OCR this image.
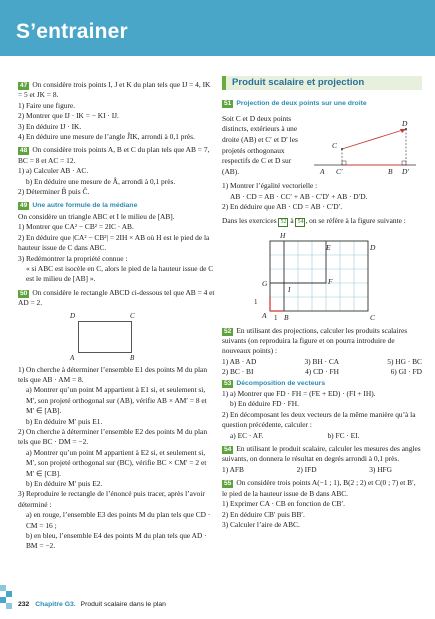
S’entrainer

47 On considère trois points I, J et K du plan tels que IJ = 4, IK = 5 et JK = 8.

1) Faire une figure.

2) Montrer que IJ · IK = − KI · IJ.

3) En déduire IJ · IK.

4) En déduire une mesure de l’angle ĴIK, arrondi à 0,1 près.

48 On considère trois points A, B et C du plan tels que AB = 7, BC = 8 et AC = 12.

1) a) Calculer AB · AC.

b) En déduire une mesure de Â, arrondi à 0,1 près.

2) Déterminer B̂ puis Ĉ.

49 Une autre formule de la médiane

On considère un triangle ABC et I le milieu de [AB].

1) Montrer que CA² − CB² = 2IC · AB.

2) En déduire que |CA² − CB²| = 2IH × AB où H est le pied de la hauteur issue de C dans ABC.

3) Redémontrer la propriété connue :

« si ABC est isocèle en C, alors le pied de la hauteur issue de C est le milieu de [AB] ».

50 On considère le rectangle ABCD ci-dessous tel que AB = 4 et AD = 2.

D	C
A	B

1) On cherche à déterminer l’ensemble E1 des points M du plan tels que AB · AM = 8.

a) Montrer qu’un point M appartient à E1 si, et seulement si, M′, son projeté orthogonal sur (AB), vérifie AB × AM′ = 8 et M′ ∈ [AB].

b) En déduire M′ puis E1.

2) On cherche à déterminer l’ensemble E2 des points M du plan tels que BC · DM = −2.

a) Montrer qu’un point M appartient à E2 si, et seulement si, M′, son projeté orthogonal sur (BC), vérifie BC × CM′ = 2 et M′ ∈ [CB].

b) En déduire M′ puis E2.

3) Reproduire le rectangle de l’énoncé puis tracer, après l’avoir déterminé :

a) en rouge, l’ensemble E3 des points M du plan tels que CD · CM = 16 ;

b) en bleu, l’ensemble E4 des points M du plan tels que AD · BM = −2.

Produit scalaire et projection

51 Projection de deux points sur une droite

Soit C et D deux points distincts, extérieurs à une droite (AB) et C′ et D′ les projetés orthogonaux respectifs de C et D sur (AB).

1) Montrer l’égalité vectorielle :

AB · CD = AB · CC′ + AB · C′D′ + AB · D′D.

2) En déduire que AB · CD = AB · C′D′.

Dans les exercices 52 à 54 , on se réfère à la figure suivante :

1
1
H
E	D
G	F
I
A B	C

52 En utilisant des projections, calculer les produits scalaires suivants (on reproduira la figure et on pourra introduire de nouveaux points) :

1) AB · AD	3) BH · CA	5) HG · BC

2) BC · BI	4) CD · FH	6) GI · FD

53 Décomposition de vecteurs

1) a) Montrer que FD · FH = (FE + ED) · (FI + IH).

b) En déduire FD · FH.

2) En décomposant les deux vecteurs de la même manière qu’à la question précédente, calculer :

a) EC · AF.	b) FC · EI.

54 En utilisant le produit scalaire, calculer les mesures des angles suivants, on donnera le résultat en degrés arrondi à 0,1 près.

1) AFB	2) IFD	3) HFG

55 On considère trois points A(−1 ; 1), B(2 ; 2) et C(0 ; 7) et B′, le pied de la hauteur issue de B dans ABC.

1) Exprimer CA · CB en fonction de CB′.

2) En déduire CB′ puis BB′.

3) Calculer l’aire de ABC.

C
D
A C′	B D′
232 Chapitre G3. Produit scalaire dans le plan
